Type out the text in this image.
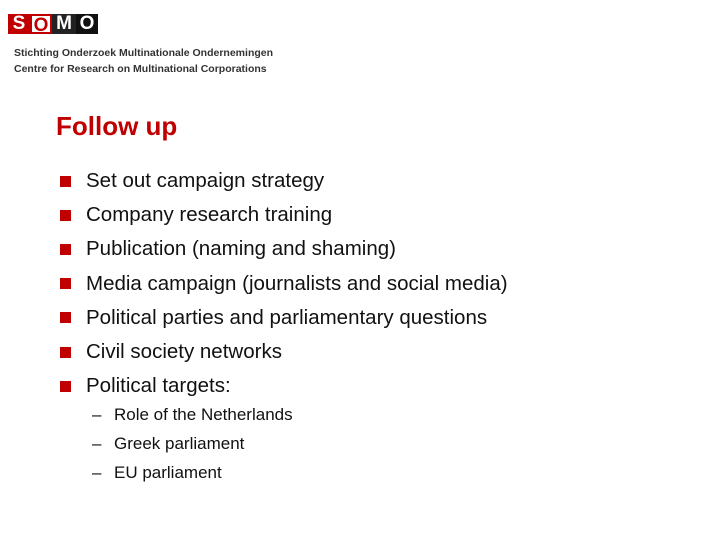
S O M O
Stichting Onderzoek Multinationale Ondernemingen
Centre for Research on Multinational Corporations
Follow up
Set out campaign strategy
Company research training
Publication (naming and shaming)
Media campaign (journalists and social media)
Political parties and parliamentary questions
Civil society networks
Political targets:
– Role of the Netherlands
– Greek parliament
– EU parliament
